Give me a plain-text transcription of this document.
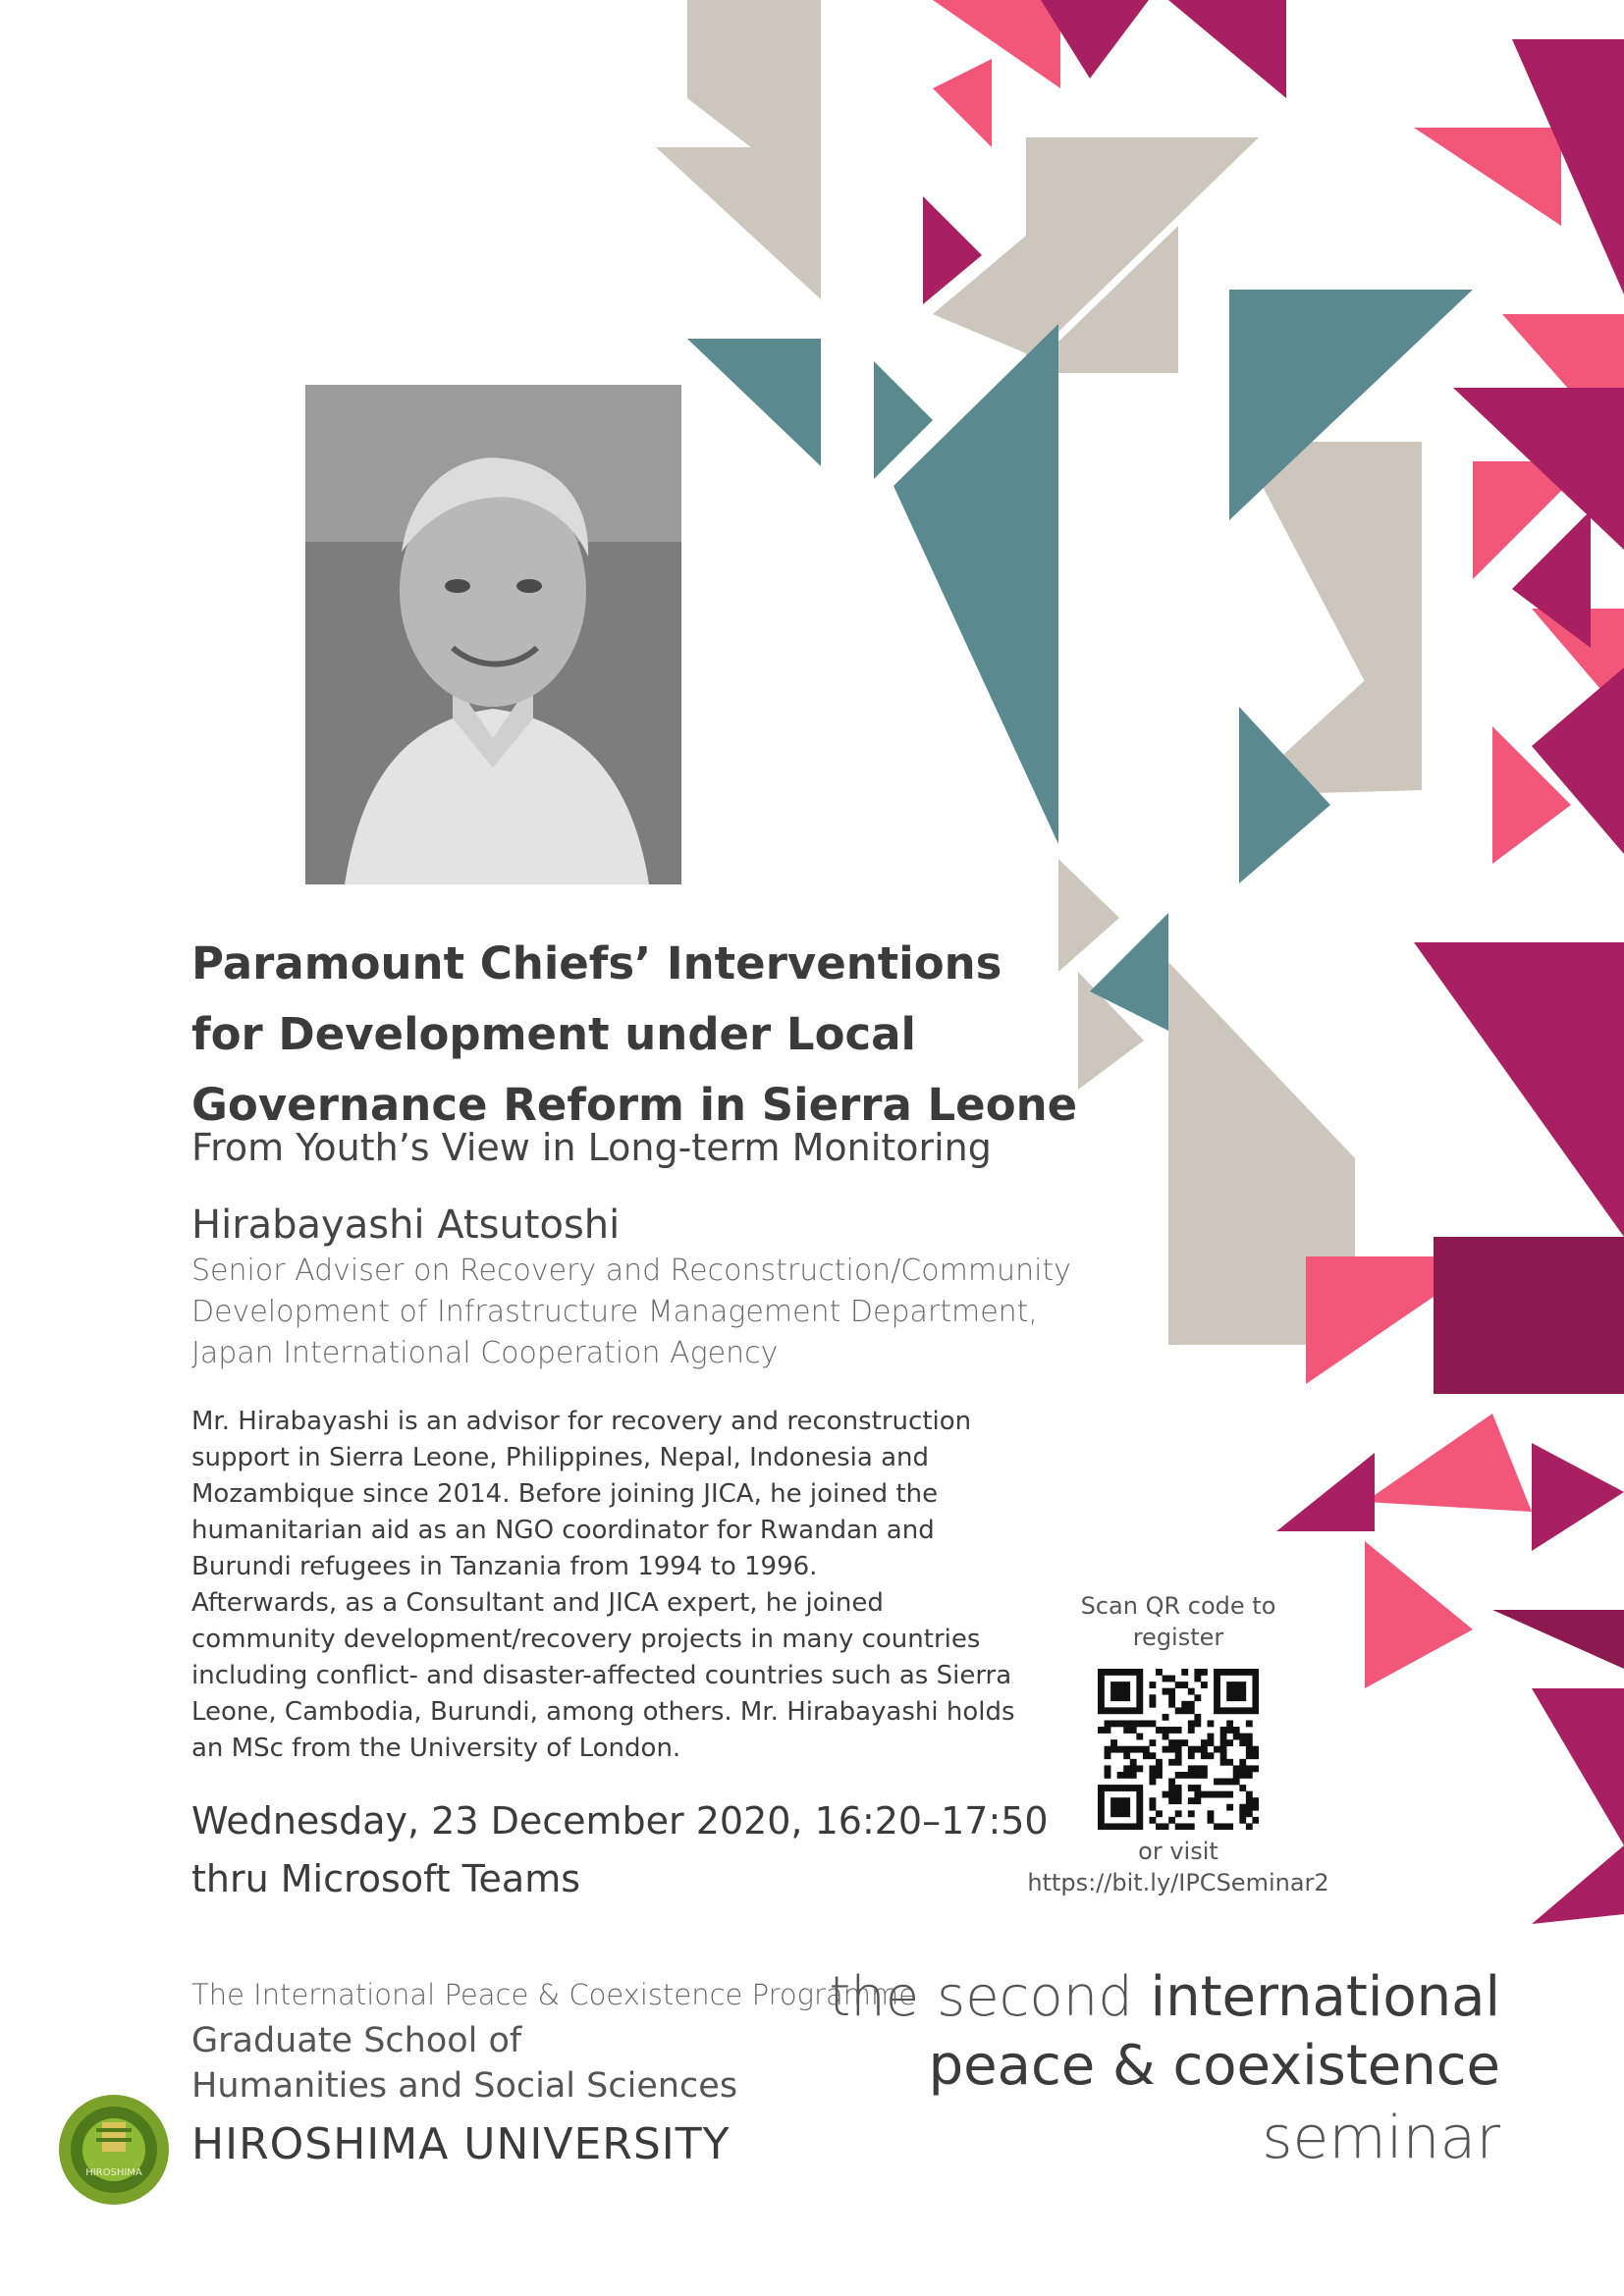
Paramount Chiefs’ Interventions
for Development under Local
Governance Reform in Sierra Leone
From Youth’s View in Long-term Monitoring
Hirabayashi Atsutoshi
Senior Adviser on Recovery and Reconstruction/Community
Development of Infrastructure Management Department,
Japan International Cooperation Agency
Mr. Hirabayashi is an advisor for recovery and reconstruction
support in Sierra Leone, Philippines, Nepal, Indonesia and
Mozambique since 2014. Before joining JICA, he joined the
humanitarian aid as an NGO coordinator for Rwandan and
Burundi refugees in Tanzania from 1994 to 1996.
Afterwards, as a Consultant and JICA expert, he joined
community development/recovery projects in many countries
including conflict- and disaster-affected countries such as Sierra
Leone, Cambodia, Burundi, among others. Mr. Hirabayashi holds
an MSc from the University of London.
Wednesday, 23 December 2020, 16:20–17:50
thru Microsoft Teams
Scan QR code to
register
or visit
https://bit.ly/IPCSeminar2
The International Peace & Coexistence Programme
Graduate School of
Humanities and Social Sciences
HIROSHIMA UNIVERSITY
HIROSHIMA
the second international
peace & coexistence
seminar
